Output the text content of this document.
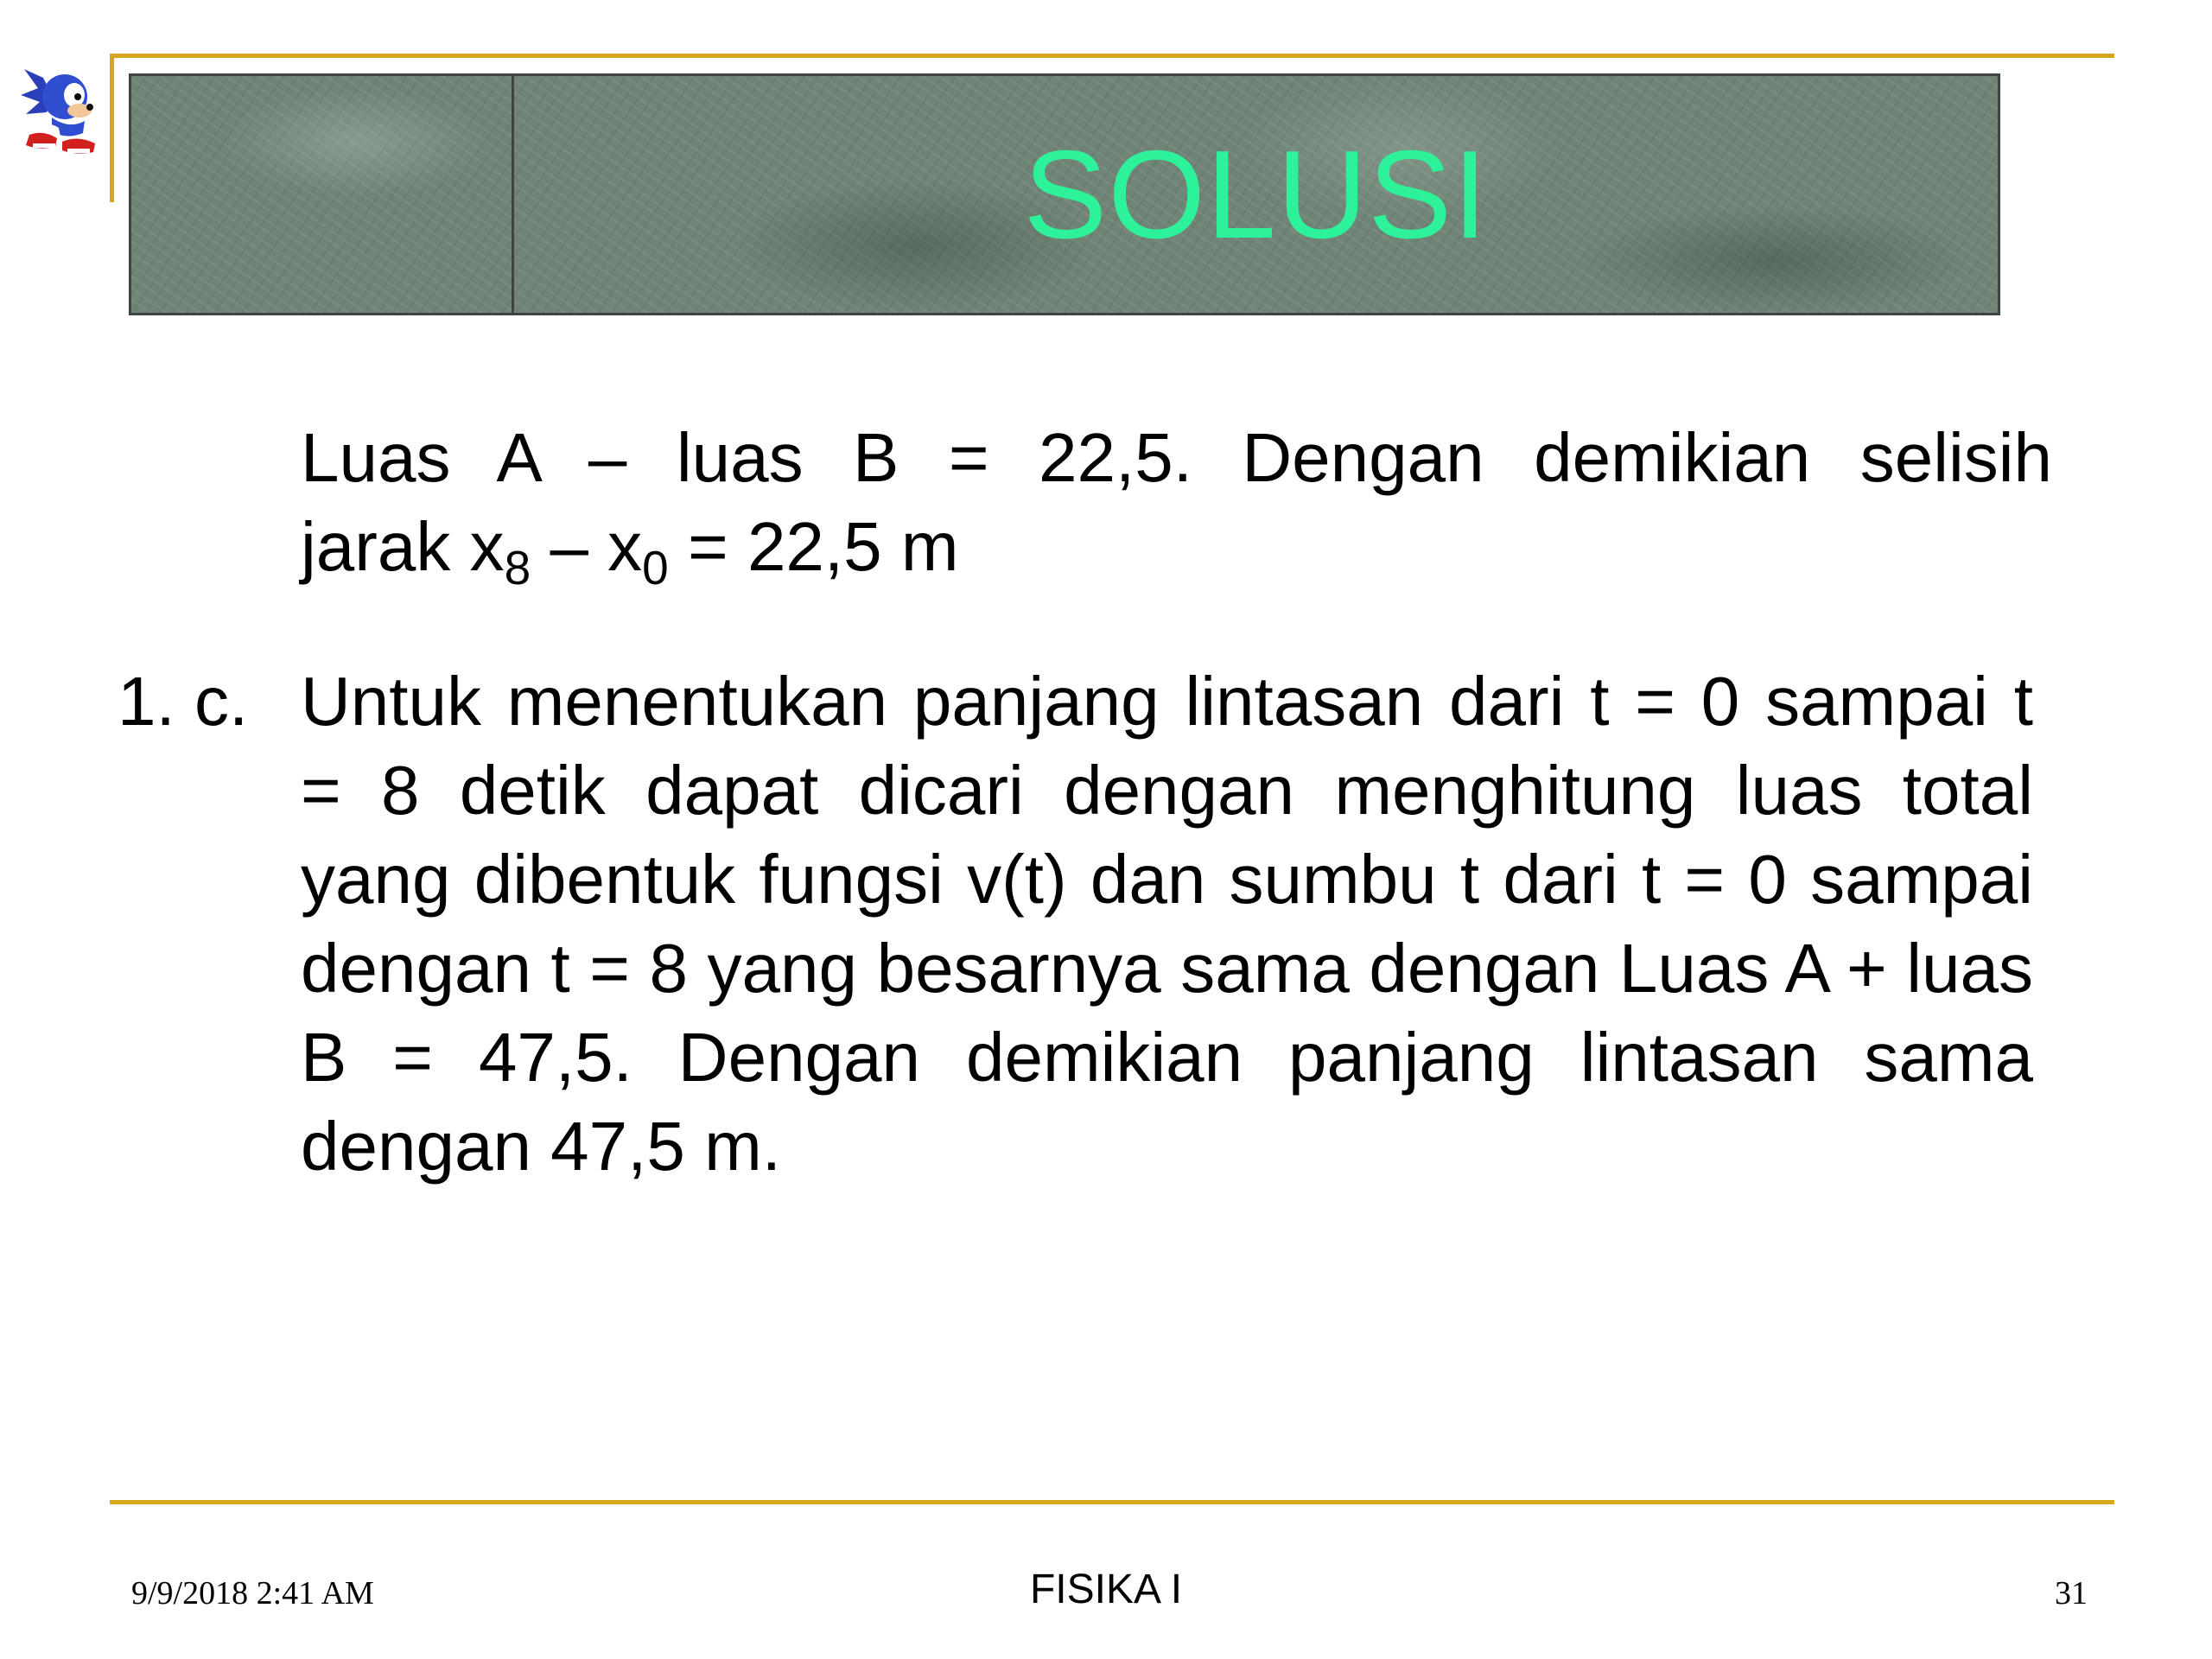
SOLUSI
Luas A – luas B = 22,5. Dengan demikian selisih
jarak $x_8 - x_0 = 22,5$ m
1. c. Untuk menentukan panjang lintasan dari t = 0 sampai t = 8 detik dapat dicari dengan menghitung luas total yang dibentuk fungsi v(t) dan sumbu t dari t = 0 sampai dengan t = 8 yang besarnya sama dengan Luas A + luas B = 47,5. Dengan demikian panjang lintasan sama dengan 47,5 m.
9/9/2018 2:41 AM	FISIKA I	31
